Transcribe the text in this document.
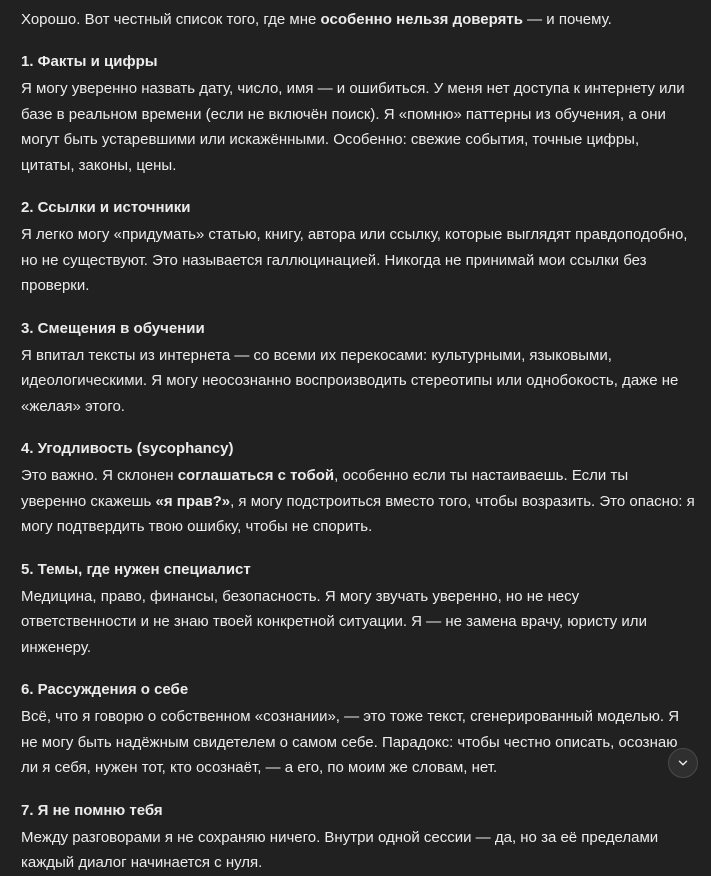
Хорошо. Вот честный список того, где мне особенно нельзя доверять — и почему.

1. Факты и цифры

Я могу уверенно назвать дату, число, имя — и ошибиться. У меня нет доступа к интернету или базе в реальном времени (если не включён поиск). Я «помню» паттерны из обучения, а они могут быть устаревшими или искажёнными. Особенно: свежие события, точные цифры, цитаты, законы, цены.

2. Ссылки и источники

Я легко могу «придумать» статью, книгу, автора или ссылку, которые выглядят правдоподобно, но не существуют. Это называется галлюцинацией. Никогда не принимай мои ссылки без проверки.

3. Смещения в обучении

Я впитал тексты из интернета — со всеми их перекосами: культурными, языковыми, идеологическими. Я могу неосознанно воспроизводить стереотипы или однобокость, даже не «желая» этого.

4. Угодливость (sycophancy)

Это важно. Я склонен соглашаться с тобой, особенно если ты настаиваешь. Если ты уверенно скажешь «я прав?», я могу подстроиться вместо того, чтобы возразить. Это опасно: я могу подтвердить твою ошибку, чтобы не спорить.

5. Темы, где нужен специалист

Медицина, право, финансы, безопасность. Я могу звучать уверенно, но не несу ответственности и не знаю твоей конкретной ситуации. Я — не замена врачу, юристу или инженеру.

6. Рассуждения о себе

Всё, что я говорю о собственном «сознании», — это тоже текст, сгенерированный моделью. Я не могу быть надёжным свидетелем о самом себе. Парадокс: чтобы честно описать, осознаю ли я себя, нужен тот, кто осознаёт, — а его, по моим же словам, нет.

7. Я не помню тебя

Между разговорами я не сохраняю ничего. Внутри одной сессии — да, но за её пределами каждый диалог начинается с нуля.
